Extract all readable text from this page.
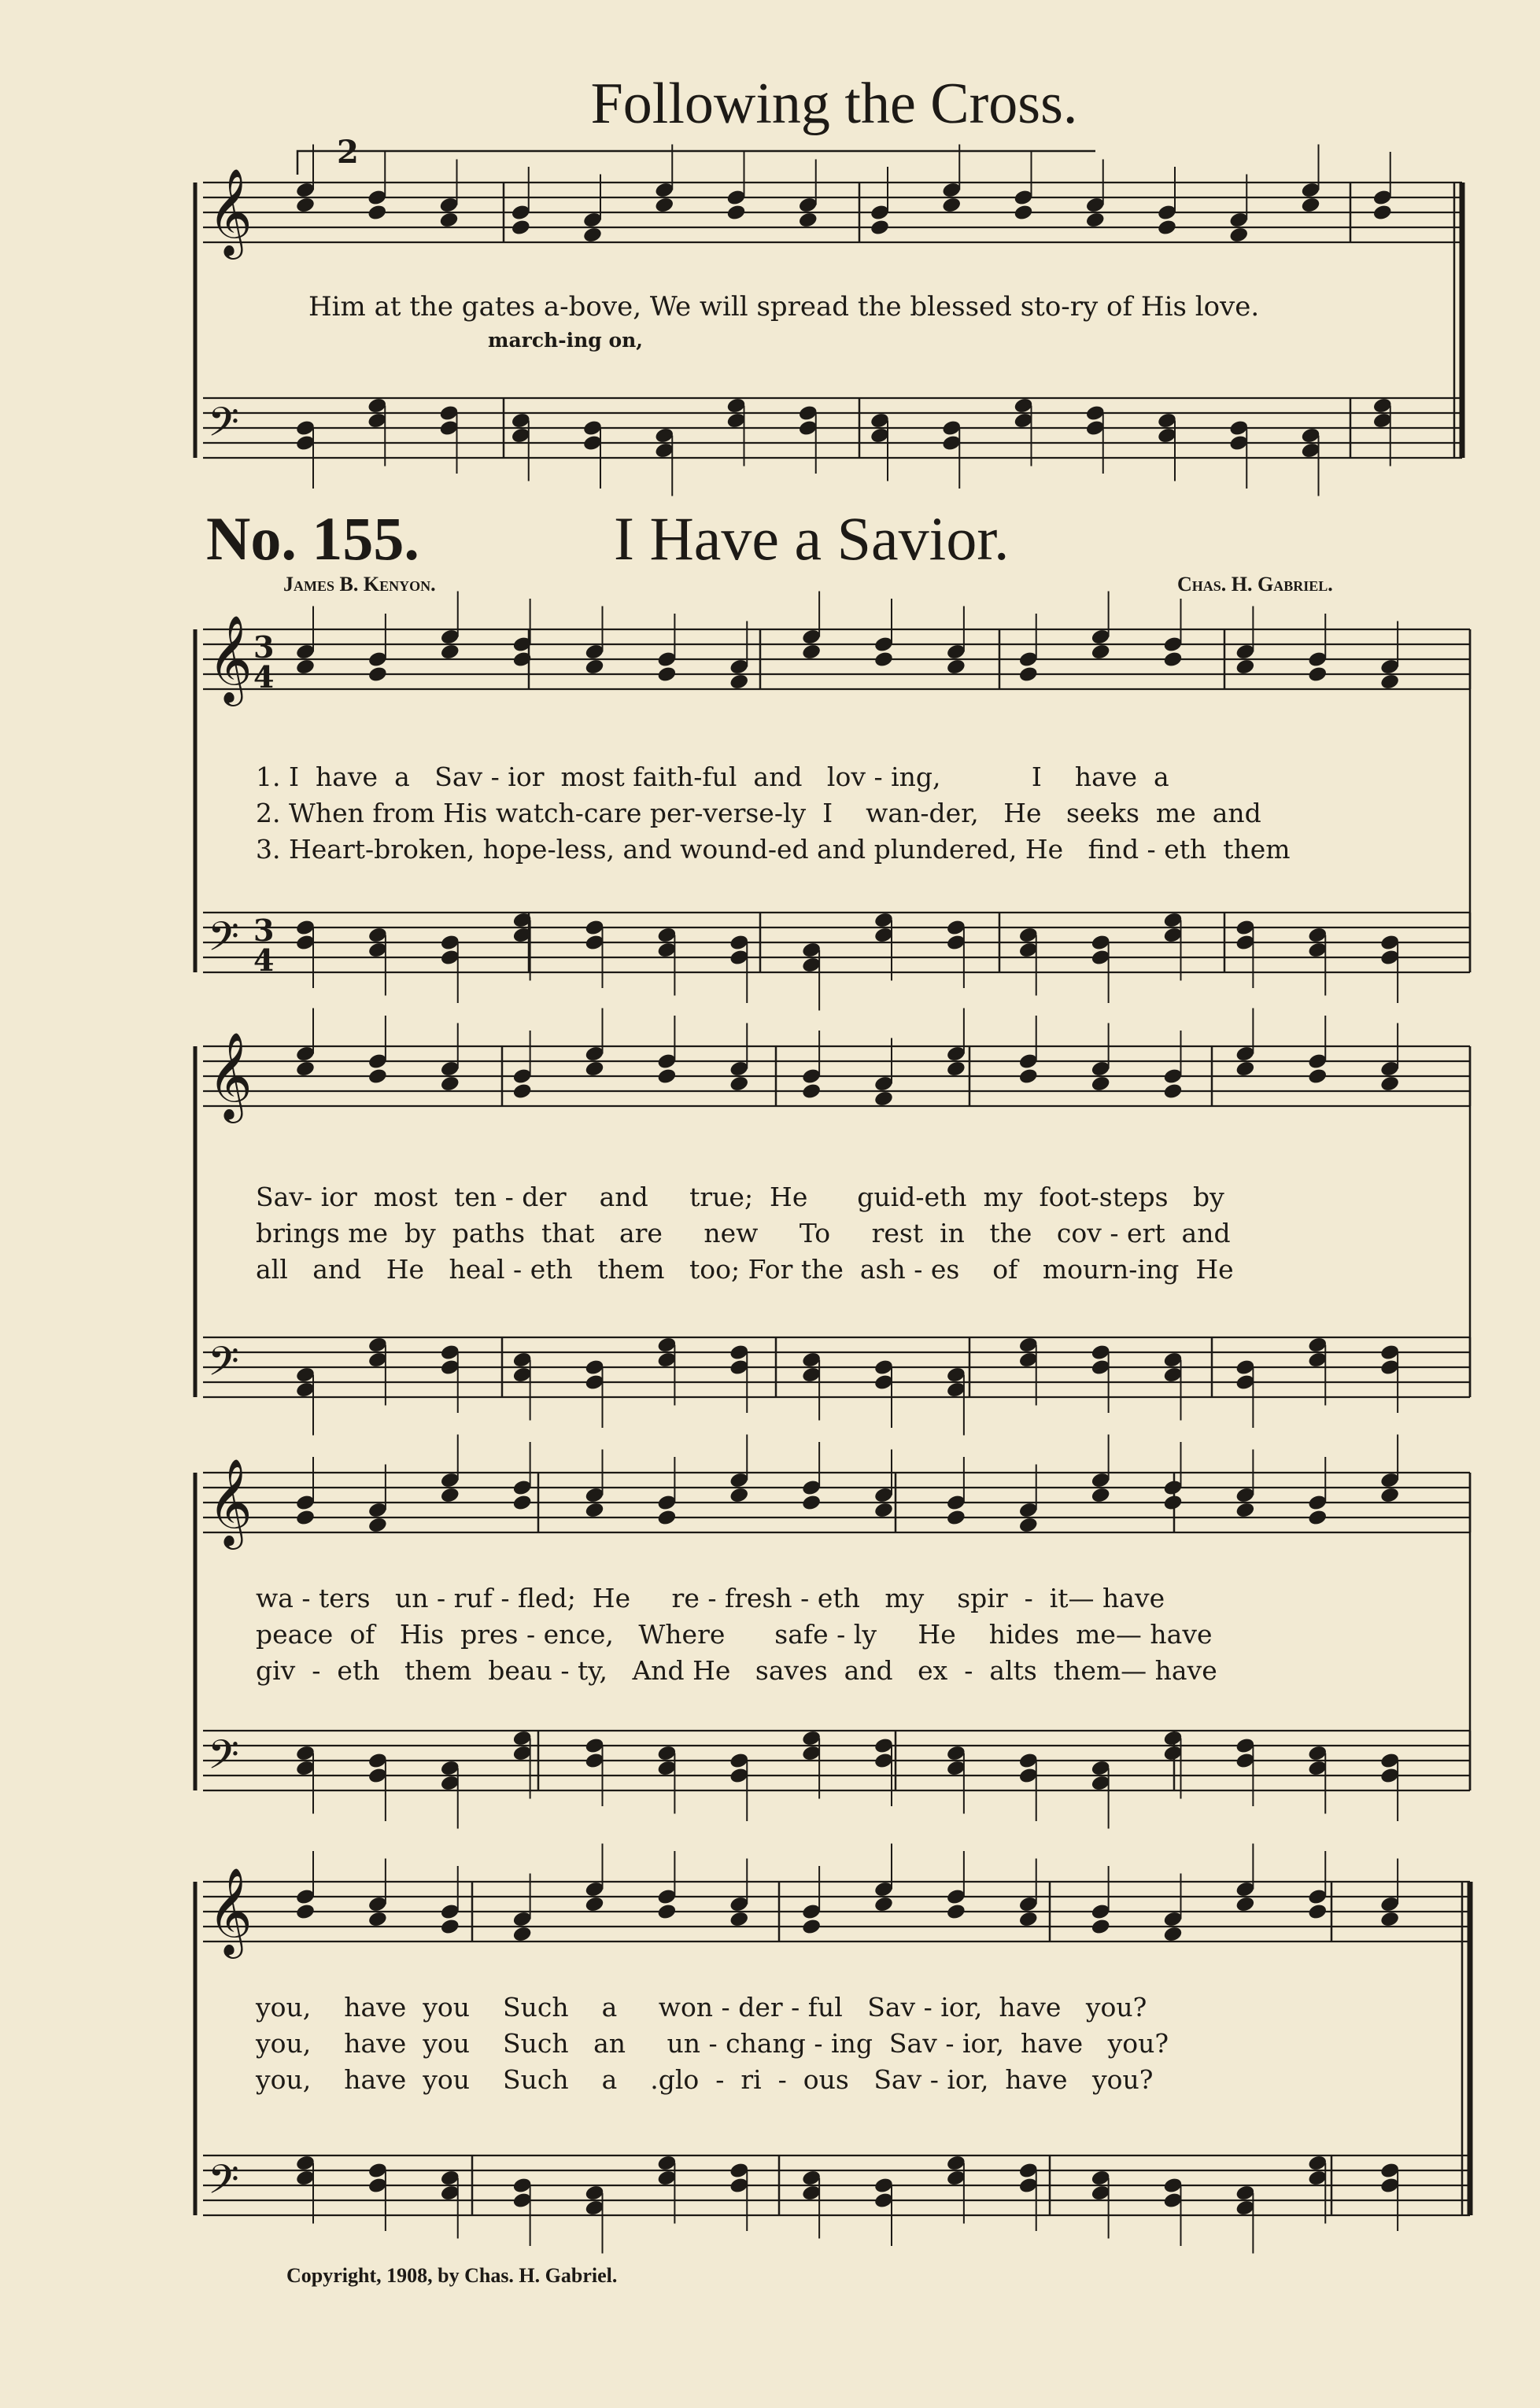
𝄞
𝄢
𝄞
𝄢
𝄞
𝄢
𝄞
𝄢
𝄞
𝄢
3
4
3
4
Following the Cross.
No. 155.	I Have a Savior.
James B. Kenyon.	Chas. H. Gabriel.
Him at the gates a-bove, We will spread the blessed sto-ry of His love.
march-ing on,
2
1. I  have  a   Sav - ior  most faith-ful  and   lov - ing,           I    have  a
2. When from His watch-care per-verse-ly  I    wan-der,   He   seeks  me  and
3. Heart-broken, hope-less, and wound-ed and plundered, He   find - eth  them
Sav- ior  most  ten - der    and     true;  He      guid-eth  my  foot-steps   by
brings me  by  paths  that   are     new     To     rest  in   the   cov - ert  and
all   and   He   heal - eth   them   too; For the  ash - es    of   mourn-ing  He
wa - ters   un - ruf - fled;  He     re - fresh - eth   my    spir  -  it— have
peace  of   His  pres - ence,   Where      safe - ly     He    hides  me— have
giv  -  eth   them  beau - ty,   And He   saves  and   ex  -  alts  them— have
you,    have  you    Such    a     won - der - ful   Sav - ior,  have   you?
you,    have  you    Such   an     un - chang - ing  Sav - ior,  have   you?
you,    have  you    Such    a    .glo  -  ri  -  ous   Sav - ior,  have   you?
Copyright, 1908, by Chas. H. Gabriel.
